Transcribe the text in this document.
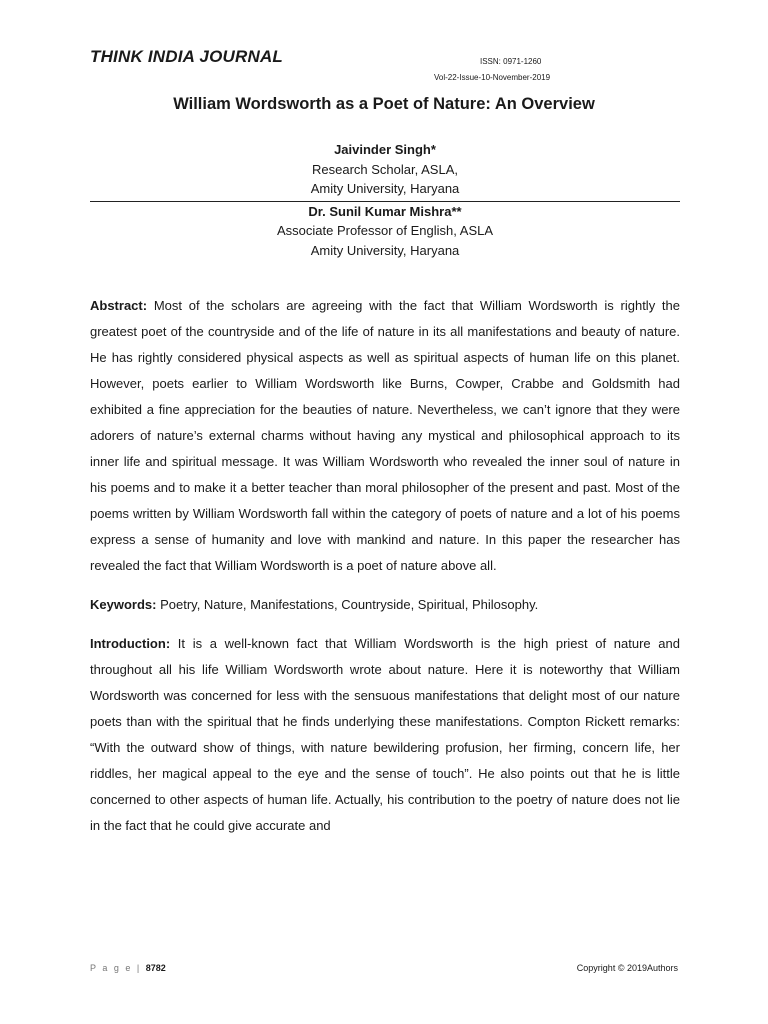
THINK INDIA JOURNAL	ISSN: 0971-1260
Vol-22-Issue-10-November-2019
William Wordsworth as a Poet of Nature: An Overview
Jaivinder Singh*
Research Scholar, ASLA,
Amity University, Haryana
Dr. Sunil Kumar Mishra**
Associate Professor of English, ASLA
Amity University, Haryana

Abstract: Most of the scholars are agreeing with the fact that William Wordsworth is rightly the greatest poet of the countryside and of the life of nature in its all manifestations and beauty of nature. He has rightly considered physical aspects as well as spiritual aspects of human life on this planet. However, poets earlier to William Wordsworth like Burns, Cowper, Crabbe and Goldsmith had exhibited a fine appreciation for the beauties of nature. Nevertheless, we can’t ignore that they were adorers of nature’s external charms without having any mystical and philosophical approach to its inner life and spiritual message. It was William Wordsworth who revealed the inner soul of nature in his poems and to make it a better teacher than moral philosopher of the present and past. Most of the poems written by William Wordsworth fall within the category of poets of nature and a lot of his poems express a sense of humanity and love with mankind and nature. In this paper the researcher has revealed the fact that William Wordsworth is a poet of nature above all.

Keywords: Poetry, Nature, Manifestations, Countryside, Spiritual, Philosophy.

Introduction: It is a well-known fact that William Wordsworth is the high priest of nature and throughout all his life William Wordsworth wrote about nature. Here it is noteworthy that William Wordsworth was concerned for less with the sensuous manifestations that delight most of our nature poets than with the spiritual that he finds underlying these manifestations. Compton Rickett remarks: “With the outward show of things, with nature bewildering profusion, her firming, concern life, her riddles, her magical appeal to the eye and the sense of touch”. He also points out that he is little concerned to other aspects of human life. Actually, his contribution to the poetry of nature does not lie in the fact that he could give accurate and

P a g e | 8782	Copyright © 2019Authors
